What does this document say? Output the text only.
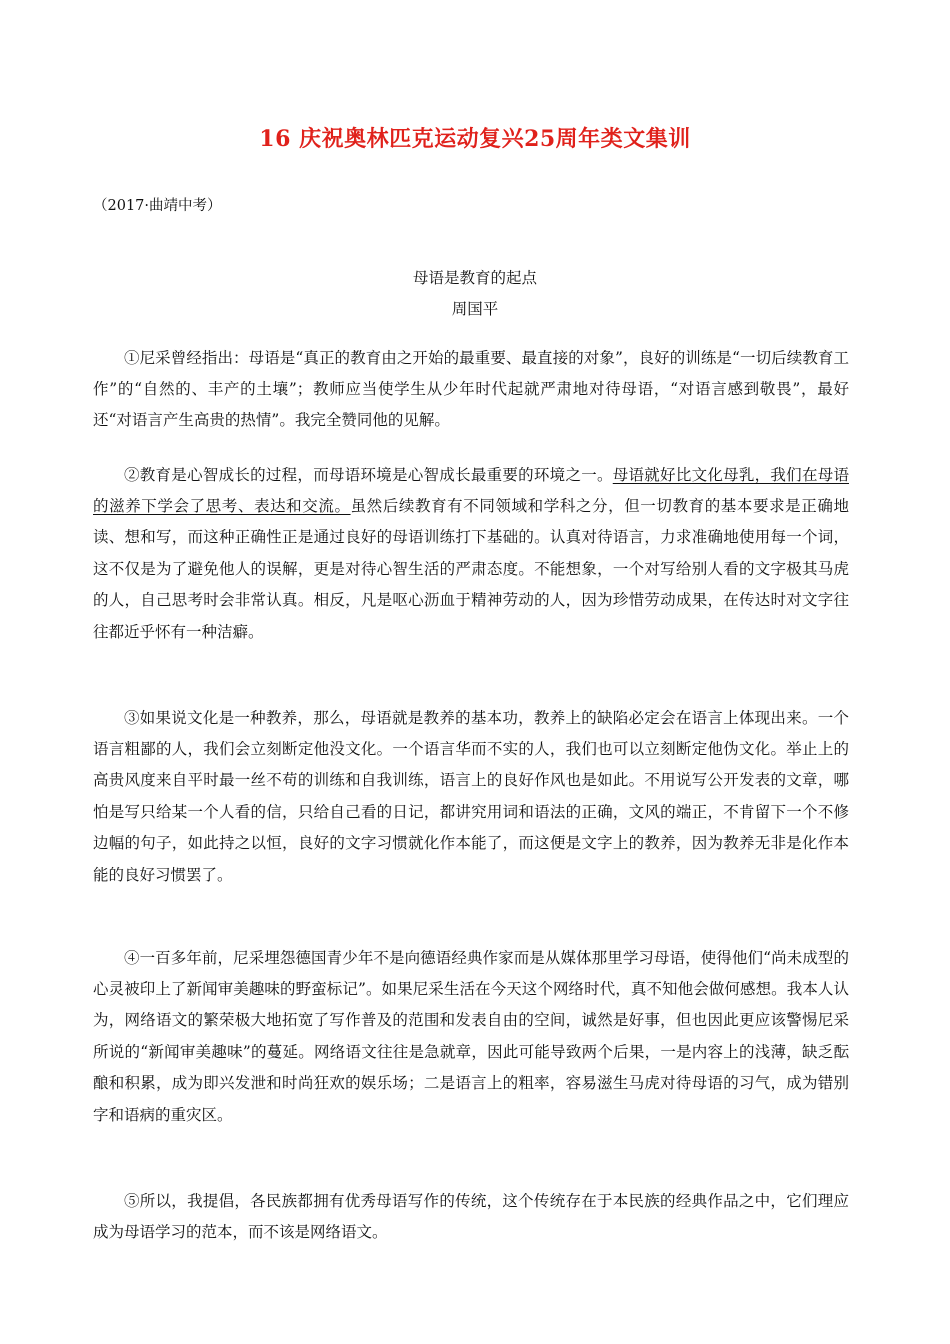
16 庆祝奥林匹克运动复兴25周年类文集训
（2017·曲靖中考）
母语是教育的起点
周国平

①尼采曾经指出：母语是“真正的教育由之开始的最重要、最直接的对象”，良好的训练是“一切后续教育工作”的“自然的、丰产的土壤”；教师应当使学生从少年时代起就严肃地对待母语，“对语言感到敬畏”，最好还“对语言产生高贵的热情”。我完全赞同他的见解。

②教育是心智成长的过程，而母语环境是心智成长最重要的环境之一。母语就好比文化母乳，我们在母语的滋养下学会了思考、表达和交流。虽然后续教育有不同领域和学科之分，但一切教育的基本要求是正确地读、想和写，而这种正确性正是通过良好的母语训练打下基础的。认真对待语言，力求准确地使用每一个词，这不仅是为了避免他人的误解，更是对待心智生活的严肃态度。不能想象，一个对写给别人看的文字极其马虎的人，自己思考时会非常认真。相反，凡是呕心沥血于精神劳动的人，因为珍惜劳动成果，在传达时对文字往往都近乎怀有一种洁癖。

③如果说文化是一种教养，那么，母语就是教养的基本功，教养上的缺陷必定会在语言上体现出来。一个语言粗鄙的人，我们会立刻断定他没文化。一个语言华而不实的人，我们也可以立刻断定他伪文化。举止上的高贵风度来自平时最一丝不苟的训练和自我训练，语言上的良好作风也是如此。不用说写公开发表的文章，哪怕是写只给某一个人看的信，只给自己看的日记，都讲究用词和语法的正确，文风的端正，不肯留下一个不修边幅的句子，如此持之以恒，良好的文字习惯就化作本能了，而这便是文字上的教养，因为教养无非是化作本能的良好习惯罢了。

④一百多年前，尼采埋怨德国青少年不是向德语经典作家而是从媒体那里学习母语，使得他们“尚未成型的心灵被印上了新闻审美趣味的野蛮标记”。如果尼采生活在今天这个网络时代，真不知他会做何感想。我本人认为，网络语文的繁荣极大地拓宽了写作普及的范围和发表自由的空间，诚然是好事，但也因此更应该警惕尼采所说的“新闻审美趣味”的蔓延。网络语文往往是急就章，因此可能导致两个后果，一是内容上的浅薄，缺乏酝酿和积累，成为即兴发泄和时尚狂欢的娱乐场；二是语言上的粗率，容易滋生马虎对待母语的习气，成为错别字和语病的重灾区。

⑤所以，我提倡，各民族都拥有优秀母语写作的传统，这个传统存在于本民族的经典作品之中，它们理应成为母语学习的范本，而不该是网络语文。
